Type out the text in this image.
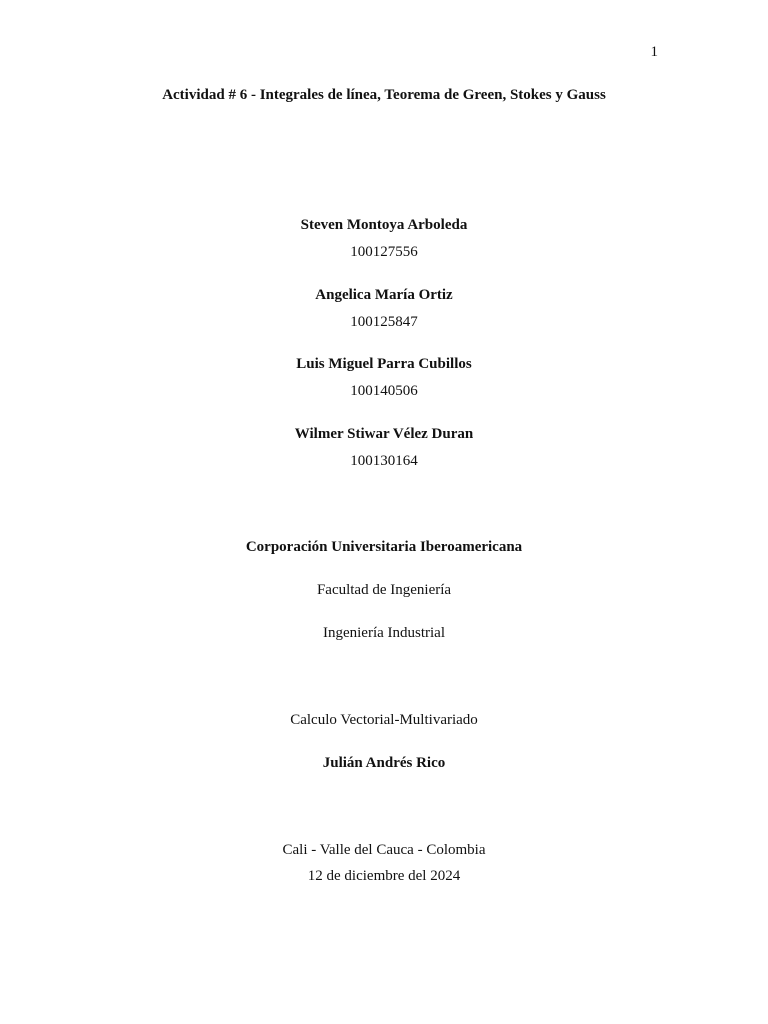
1
Actividad # 6 - Integrales de línea, Teorema de Green, Stokes y Gauss
Steven Montoya Arboleda
100127556
Angelica María Ortiz
100125847
Luis Miguel Parra Cubillos
100140506
Wilmer Stiwar Vélez Duran
100130164
Corporación Universitaria Iberoamericana
Facultad de Ingeniería
Ingeniería Industrial
Calculo Vectorial-Multivariado
Julián Andrés Rico
Cali - Valle del Cauca - Colombia
12 de diciembre del 2024
